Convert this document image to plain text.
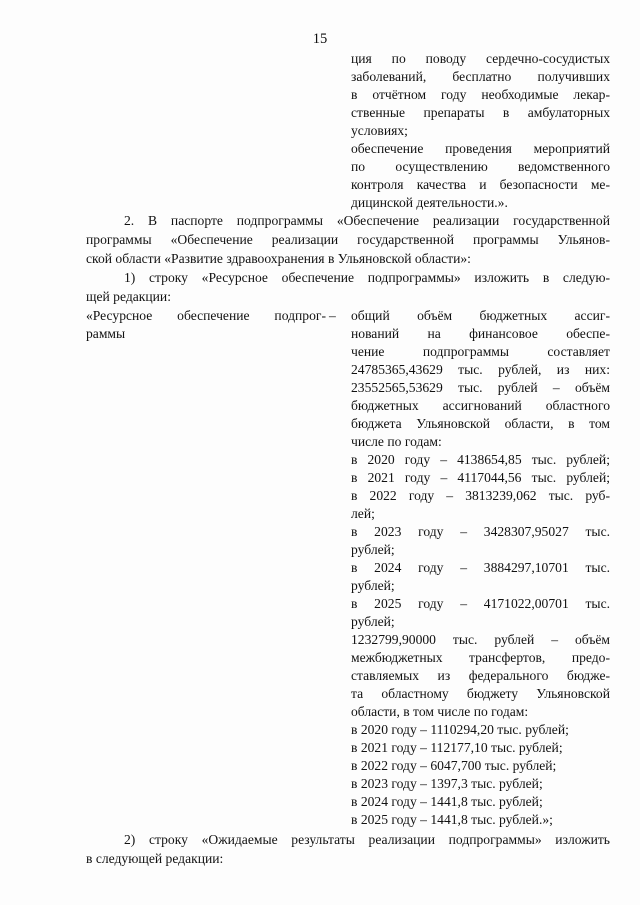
15
ция по поводу сердечно-сосудистых
заболеваний, бесплатно получивших
в отчётном году необходимые лекар-
ственные препараты в амбулаторных
условиях;
обеспечение проведения мероприятий
по осуществлению ведомственного
контроля качества и безопасности ме-
дицинской деятельности.».
2. В паспорте подпрограммы «Обеспечение реализации государственной
программы «Обеспечение реализации государственной программы Ульянов-
ской области «Развитие здравоохранения в Ульяновской области»:
1) строку «Ресурсное обеспечение подпрограммы» изложить в следую-
щей редакции:
«Ресурсное обеспечение подпрог-
раммы
– общий объём бюджетных ассиг-
нований на финансовое обеспе-
чение подпрограммы составляет
24785365,43629 тыс. рублей, из них:
23552565,53629 тыс. рублей – объём
бюджетных ассигнований областного
бюджета Ульяновской области, в том
числе по годам:
в 2020 году – 4138654,85 тыс. рублей;
в 2021 году – 4117044,56 тыс. рублей;
в 2022 году – 3813239,062 тыс. руб-
лей;
в 2023 году – 3428307,95027 тыс.
рублей;
в 2024 году – 3884297,10701 тыс.
рублей;
в 2025 году – 4171022,00701 тыс.
рублей;
1232799,90000 тыс. рублей – объём
межбюджетных трансфертов, предо-
ставляемых из федерального бюдже-
та областному бюджету Ульяновской
области, в том числе по годам:
в 2020 году – 1110294,20 тыс. рублей;
в 2021 году – 112177,10 тыс. рублей;
в 2022 году – 6047,700 тыс. рублей;
в 2023 году – 1397,3 тыс. рублей;
в 2024 году – 1441,8 тыс. рублей;
в 2025 году – 1441,8 тыс. рублей.»;
2) строку «Ожидаемые результаты реализации подпрограммы» изложить
в следующей редакции:
